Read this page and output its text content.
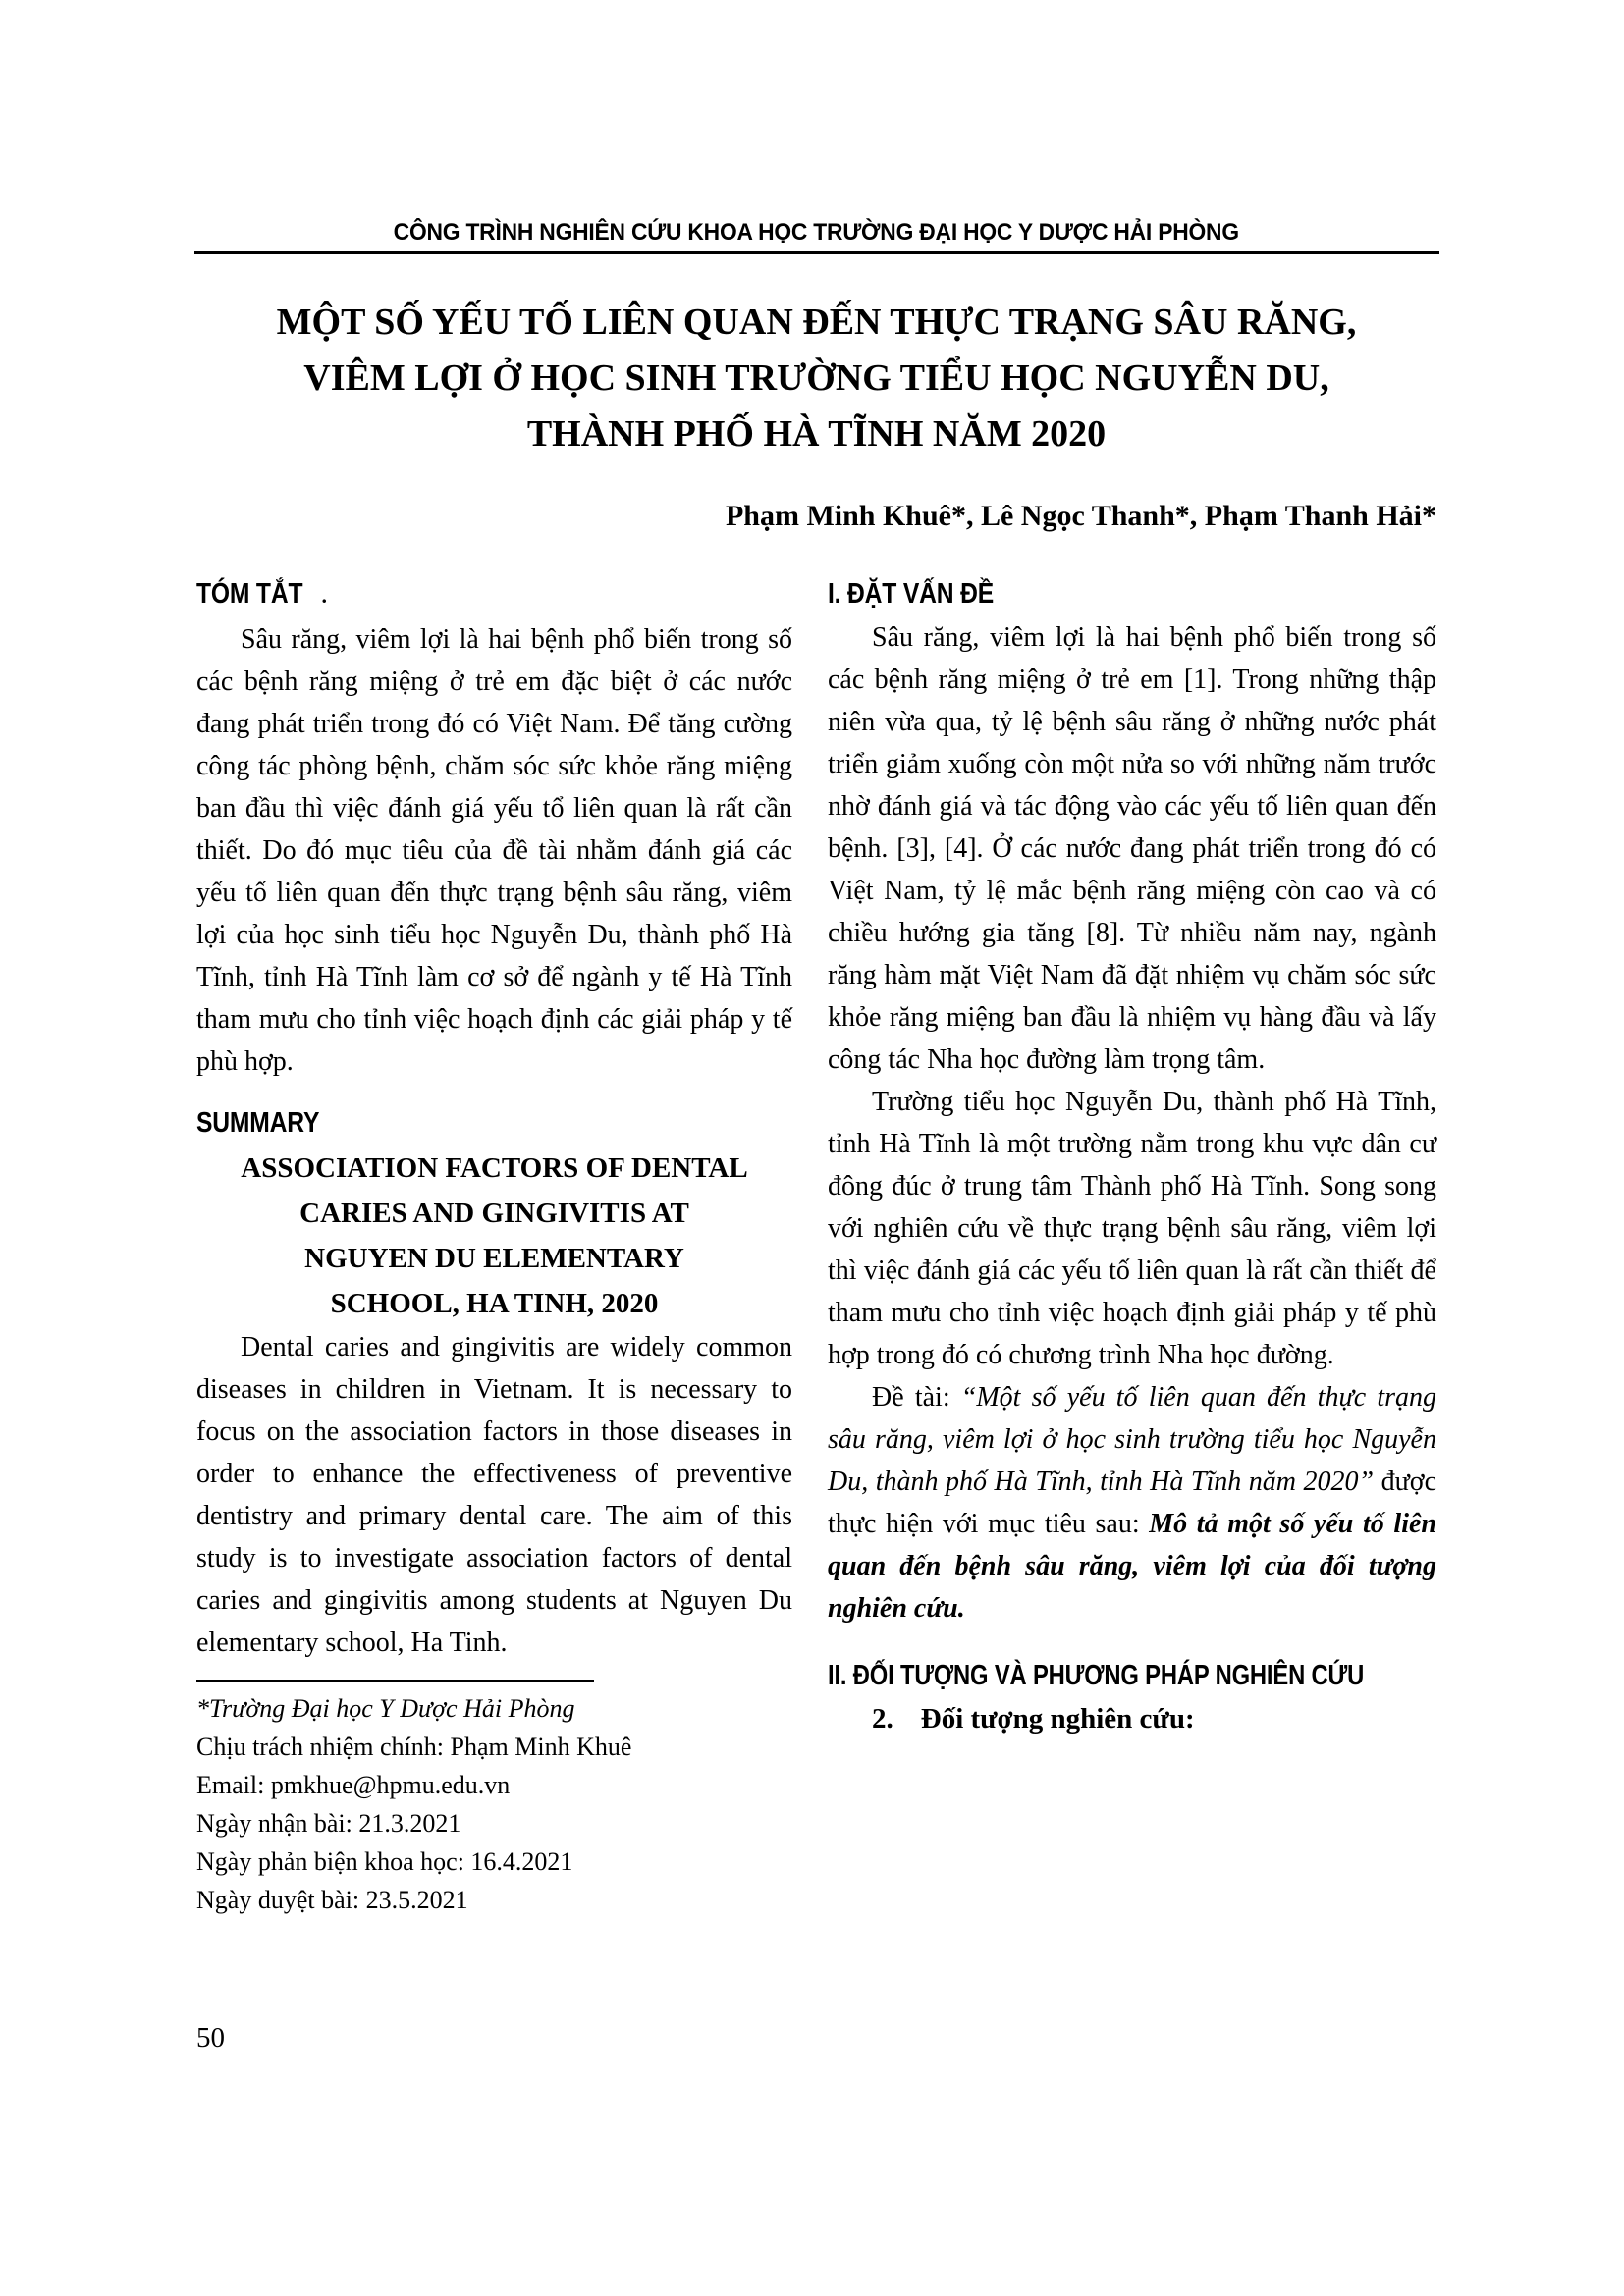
CÔNG TRÌNH NGHIÊN CỨU KHOA HỌC TRƯỜNG ĐẠI HỌC Y DƯỢC HẢI PHÒNG
MỘT SỐ YẾU TỐ LIÊN QUAN ĐẾN THỰC TRẠNG SÂU RĂNG,
VIÊM LỢI Ở HỌC SINH TRƯỜNG TIỂU HỌC NGUYỄN DU,
THÀNH PHỐ HÀ TĨNH NĂM 2020
Phạm Minh Khuê*, Lê Ngọc Thanh*, Phạm Thanh Hải*
TÓM TẮT .

Sâu răng, viêm lợi là hai bệnh phổ biến trong số các bệnh răng miệng ở trẻ em đặc biệt ở các nước đang phát triển trong đó có Việt Nam. Để tăng cường công tác phòng bệnh, chăm sóc sức khỏe răng miệng ban đầu thì việc đánh giá yếu tổ liên quan là rất cần thiết. Do đó mục tiêu của đề tài nhằm đánh giá các yếu tố liên quan đến thực trạng bệnh sâu răng, viêm lợi của học sinh tiểu học Nguyễn Du, thành phố Hà Tĩnh, tỉnh Hà Tĩnh làm cơ sở để ngành y tế Hà Tĩnh tham mưu cho tỉnh việc hoạch định các giải pháp y tế phù hợp.

SUMMARY
ASSOCIATION FACTORS OF DENTAL
CARIES AND GINGIVITIS AT
NGUYEN DU ELEMENTARY
SCHOOL, HA TINH, 2020

Dental caries and gingivitis are widely common diseases in children in Vietnam. It is necessary to focus on the association factors in those diseases in order to enhance the effectiveness of preventive dentistry and primary dental care. The aim of this study is to investigate association factors of dental caries and gingivitis among students at Nguyen Du elementary school, Ha Tinh.

*Trường Đại học Y Dược Hải Phòng
Chịu trách nhiệm chính: Phạm Minh Khuê
Email: pmkhue@hpmu.edu.vn
Ngày nhận bài: 21.3.2021
Ngày phản biện khoa học: 16.4.2021
Ngày duyệt bài: 23.5.2021
I. ĐẶT VẤN ĐỀ

Sâu răng, viêm lợi là hai bệnh phổ biến trong số các bệnh răng miệng ở trẻ em [1]. Trong những thập niên vừa qua, tỷ lệ bệnh sâu răng ở những nước phát triển giảm xuống còn một nửa so với những năm trước nhờ đánh giá và tác động vào các yếu tố liên quan đến bệnh. [3], [4]. Ở các nước đang phát triển trong đó có Việt Nam, tỷ lệ mắc bệnh răng miệng còn cao và có chiều hướng gia tăng [8]. Từ nhiều năm nay, ngành răng hàm mặt Việt Nam đã đặt nhiệm vụ chăm sóc sức khỏe răng miệng ban đầu là nhiệm vụ hàng đầu và lấy công tác Nha học đường làm trọng tâm.

Trường tiểu học Nguyễn Du, thành phố Hà Tĩnh, tỉnh Hà Tĩnh là một trường nằm trong khu vực dân cư đông đúc ở trung tâm Thành phố Hà Tĩnh. Song song với nghiên cứu về thực trạng bệnh sâu răng, viêm lợi thì việc đánh giá các yếu tố liên quan là rất cần thiết để tham mưu cho tỉnh việc hoạch định giải pháp y tế phù hợp trong đó có chương trình Nha học đường.

Đề tài: “Một số yếu tố liên quan đến thực trạng sâu răng, viêm lợi ở học sinh trường tiểu học Nguyễn Du, thành phố Hà Tĩnh, tỉnh Hà Tĩnh năm 2020” được thực hiện với mục tiêu sau: Mô tả một số yếu tố liên quan đến bệnh sâu răng, viêm lợi của đối tượng nghiên cứu.

II. ĐỐI TƯỢNG VÀ PHƯƠNG PHÁP NGHIÊN CỨU

2. Đối tượng nghiên cứu:

50
